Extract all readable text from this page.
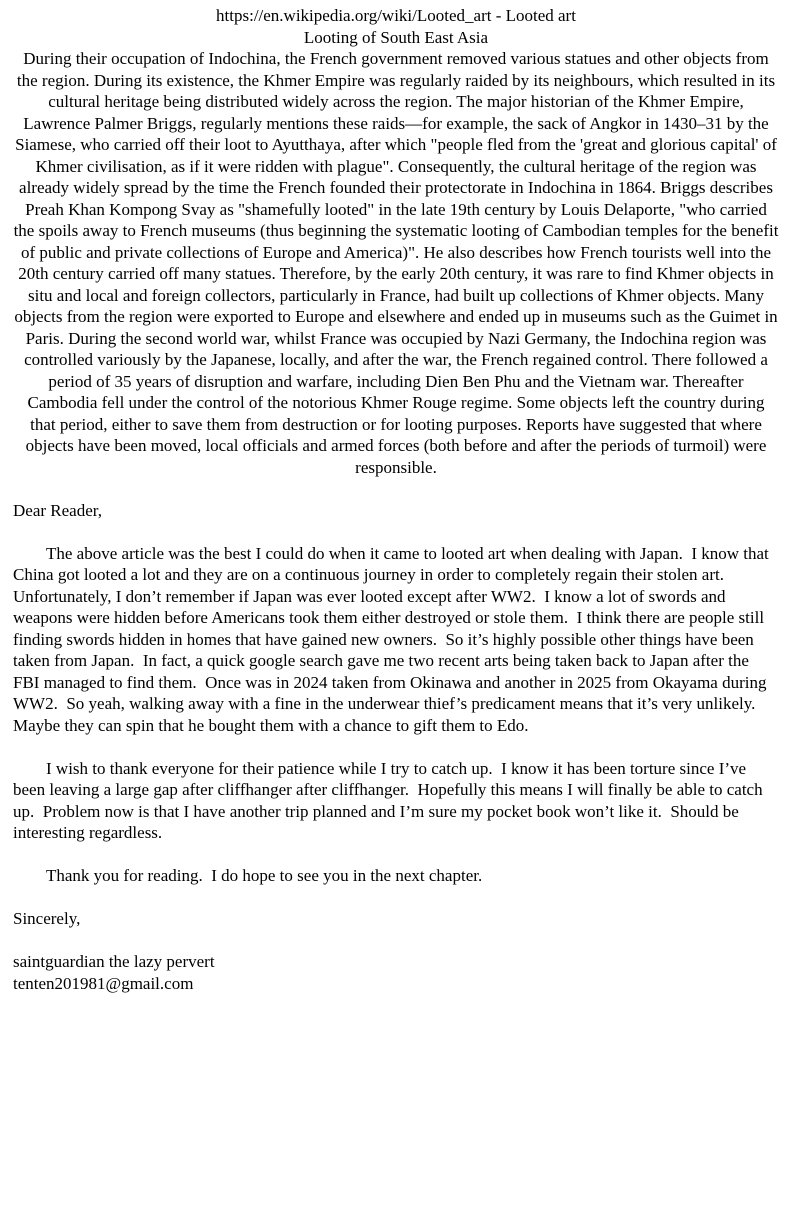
https://en.wikipedia.org/wiki/Looted_art - Looted art

Looting of South East Asia

During their occupation of Indochina, the French government removed various statues and other objects from the region. During its existence, the Khmer Empire was regularly raided by its neighbours, which resulted in its cultural heritage being distributed widely across the region. The major historian of the Khmer Empire, Lawrence Palmer Briggs, regularly mentions these raids—for example, the sack of Angkor in 1430–31 by the Siamese, who carried off their loot to Ayutthaya, after which "people fled from the 'great and glorious capital' of Khmer civilisation, as if it were ridden with plague". Consequently, the cultural heritage of the region was already widely spread by the time the French founded their protectorate in Indochina in 1864. Briggs describes Preah Khan Kompong Svay as "shamefully looted" in the late 19th century by Louis Delaporte, "who carried the spoils away to French museums (thus beginning the systematic looting of Cambodian temples for the benefit of public and private collections of Europe and America)". He also describes how French tourists well into the 20th century carried off many statues. Therefore, by the early 20th century, it was rare to find Khmer objects in situ and local and foreign collectors, particularly in France, had built up collections of Khmer objects. Many objects from the region were exported to Europe and elsewhere and ended up in museums such as the Guimet in Paris. During the second world war, whilst France was occupied by Nazi Germany, the Indochina region was controlled variously by the Japanese, locally, and after the war, the French regained control. There followed a period of 35 years of disruption and warfare, including Dien Ben Phu and the Vietnam war. Thereafter Cambodia fell under the control of the notorious Khmer Rouge regime. Some objects left the country during that period, either to save them from destruction or for looting purposes. Reports have suggested that where objects have been moved, local officials and armed forces (both before and after the periods of turmoil) were responsible.

Dear Reader,

The above article was the best I could do when it came to looted art when dealing with Japan.  I know that China got looted a lot and they are on a continuous journey in order to completely regain their stolen art.  Unfortunately, I don’t remember if Japan was ever looted except after WW2.  I know a lot of swords and weapons were hidden before Americans took them either destroyed or stole them.  I think there are people still finding swords hidden in homes that have gained new owners.  So it’s highly possible other things have been taken from Japan.  In fact, a quick google search gave me two recent arts being taken back to Japan after the FBI managed to find them.  Once was in 2024 taken from Okinawa and another in 2025 from Okayama during WW2.  So yeah, walking away with a fine in the underwear thief’s predicament means that it’s very unlikely.  Maybe they can spin that he bought them with a chance to gift them to Edo.

I wish to thank everyone for their patience while I try to catch up.  I know it has been torture since I’ve been leaving a large gap after cliffhanger after cliffhanger.  Hopefully this means I will finally be able to catch up.  Problem now is that I have another trip planned and I’m sure my pocket book won’t like it.  Should be interesting regardless.

Thank you for reading.  I do hope to see you in the next chapter.

Sincerely,

saintguardian the lazy pervert

tenten201981@gmail.com
